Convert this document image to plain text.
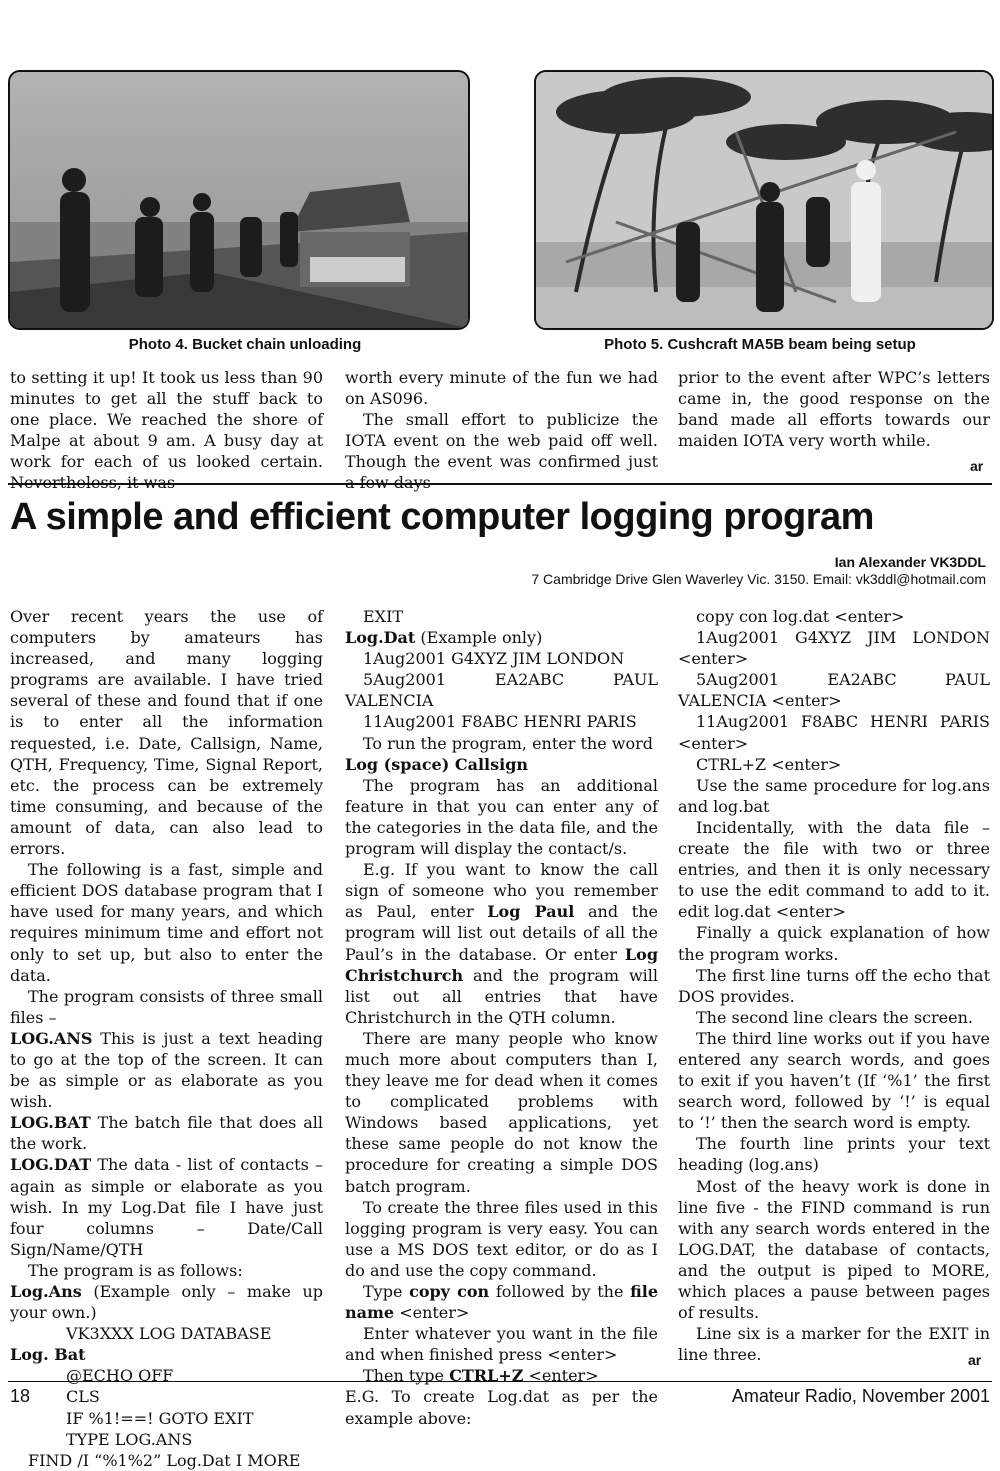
Photo 4. Bucket chain unloading	Photo 5. Cushcraft MA5B beam being setup

to setting it up! It took us less than 90 minutes to get all the stuff back to one place. We reached the shore of Malpe at about 9 am. A busy day at work for each of us looked certain. Nevertheless, it was

worth every minute of the fun we had on AS096.

The small effort to publicize the IOTA event on the web paid off well. Though the event was confirmed just a few days

prior to the event after WPC’s letters came in, the good response on the band made all efforts towards our maiden IOTA very worth while.

ar
A simple and efficient computer logging program
Ian Alexander VK3DDL
7 Cambridge Drive Glen Waverley Vic. 3150. Email: vk3ddl@hotmail.com

Over recent years the use of computers by amateurs has increased, and many logging programs are available. I have tried several of these and found that if one is to enter all the information requested, i.e. Date, Callsign, Name, QTH, Frequency, Time, Signal Report, etc. the process can be extremely time consuming, and because of the amount of data, can also lead to errors.

The following is a fast, simple and efficient DOS database program that I have used for many years, and which requires minimum time and effort not only to set up, but also to enter the data.

The program consists of three small files –

LOG.ANS This is just a text heading to go at the top of the screen. It can be as simple or as elaborate as you wish.

LOG.BAT The batch file that does all the work.

LOG.DAT The data - list of contacts – again as simple or elaborate as you wish. In my Log.Dat file I have just four columns – Date/Call Sign/Name/QTH

The program is as follows:

Log.Ans (Example only – make up your own.)

VK3XXX LOG DATABASE

Log. Bat

@ECHO OFF

CLS

IF %1!==! GOTO EXIT

TYPE LOG.ANS

FIND /I “%1%2” Log.Dat I MORE

EXIT

Log.Dat (Example only)

1Aug2001 G4XYZ JIM LONDON

5Aug2001 EA2ABC PAUL VALENCIA

11Aug2001 F8ABC HENRI PARIS

To run the program, enter the word

Log (space) Callsign

The program has an additional feature in that you can enter any of the categories in the data file, and the program will display the contact/s.

E.g. If you want to know the call sign of someone who you remember as Paul, enter Log Paul and the program will list out details of all the Paul’s in the database. Or enter Log Christchurch and the program will list out all entries that have Christchurch in the QTH column.

There are many people who know much more about computers than I, they leave me for dead when it comes to complicated problems with Windows based applications, yet these same people do not know the procedure for creating a simple DOS batch program.

To create the three files used in this logging program is very easy. You can use a MS DOS text editor, or do as I do and use the copy command.

Type copy con followed by the file name <enter>

Enter whatever you want in the file and when finished press <enter>

Then type CTRL+Z <enter>

E.G. To create Log.dat as per the example above:

copy con log.dat <enter>

1Aug2001 G4XYZ JIM LONDON <enter>

5Aug2001 EA2ABC PAUL VALENCIA <enter>

11Aug2001 F8ABC HENRI PARIS <enter>

CTRL+Z <enter>

Use the same procedure for log.ans and log.bat

Incidentally, with the data file – create the file with two or three entries, and then it is only necessary to use the edit command to add to it. edit log.dat <enter>

Finally a quick explanation of how the program works.

The first line turns off the echo that DOS provides.

The second line clears the screen.

The third line works out if you have entered any search words, and goes to exit if you haven’t (If ‘%1’ the first search word, followed by ‘!’ is equal to ‘!’ then the search word is empty.

The fourth line prints your text heading (log.ans)

Most of the heavy work is done in line five - the FIND command is run with any search words entered in the LOG.DAT, the database of contacts, and the output is piped to MORE, which places a pause between pages of results.

Line six is a marker for the EXIT in line three.	ar
18	Amateur Radio, November 2001
